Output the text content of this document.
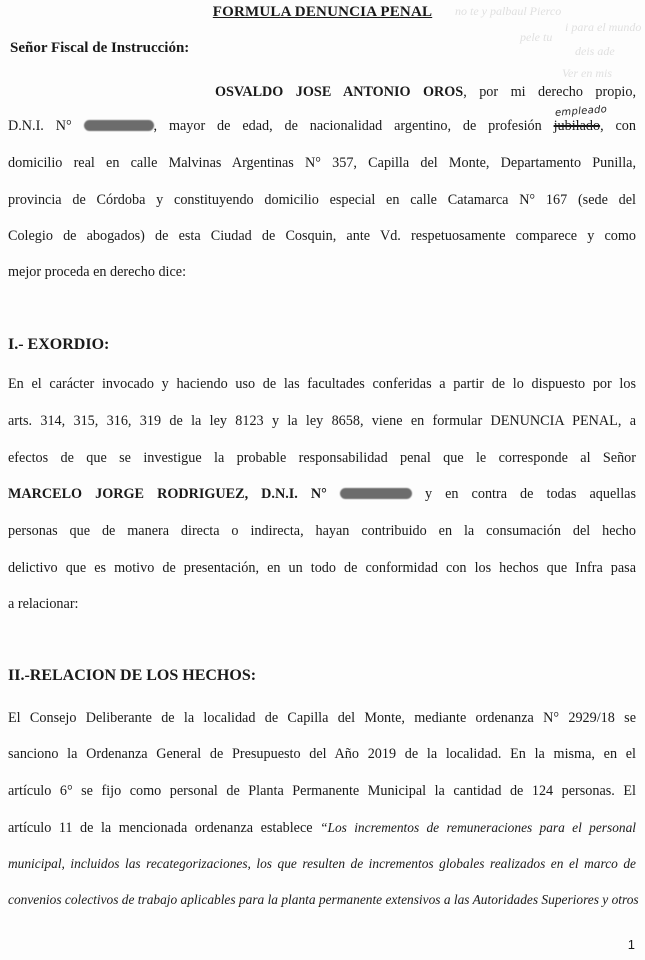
no te y palbaul Pierco
i para el mundo
deis ade
Ver en mis
pele tu
FORMULA DENUNCIA PENAL
Señor Fiscal de Instrucción:
OSVALDO JOSE ANTONIO OROS, por mi derecho propio,
empleado
D.N.I. N°	, mayor de edad, de nacionalidad argentino, de profesión jubilado, con
domicilio real en calle Malvinas Argentinas N° 357, Capilla del Monte, Departamento Punilla,
provincia de Córdoba y constituyendo domicilio especial en calle Catamarca N° 167 (sede del
Colegio de abogados) de esta Ciudad de Cosquin, ante Vd. respetuosamente comparece y como
mejor proceda en derecho dice:
I.- EXORDIO:
En el carácter invocado y haciendo uso de las facultades conferidas a partir de lo dispuesto por los
arts. 314, 315, 316, 319 de la ley 8123 y la ley 8658, viene en formular DENUNCIA PENAL, a
efectos de que se investigue la probable responsabilidad penal que le corresponde al Señor
MARCELO JORGE RODRIGUEZ, D.N.I. N°	y en contra de todas aquellas
personas que de manera directa o indirecta, hayan contribuido en la consumación del hecho
delictivo que es motivo de presentación, en un todo de conformidad con los hechos que Infra pasa
a relacionar:
II.-RELACION DE LOS HECHOS:
El Consejo Deliberante de la localidad de Capilla del Monte, mediante ordenanza N° 2929/18 se
sanciono la Ordenanza General de Presupuesto del Año 2019 de la localidad. En la misma, en el
artículo 6° se fijo como personal de Planta Permanente Municipal la cantidad de 124 personas. El
artículo 11 de la mencionada ordenanza establece “Los incrementos de remuneraciones para el personal
municipal, incluidos las recategorizaciones, los que resulten de incrementos globales realizados en el marco de
convenios colectivos de trabajo aplicables para la planta permanente extensivos a las Autoridades Superiores y otros
1
